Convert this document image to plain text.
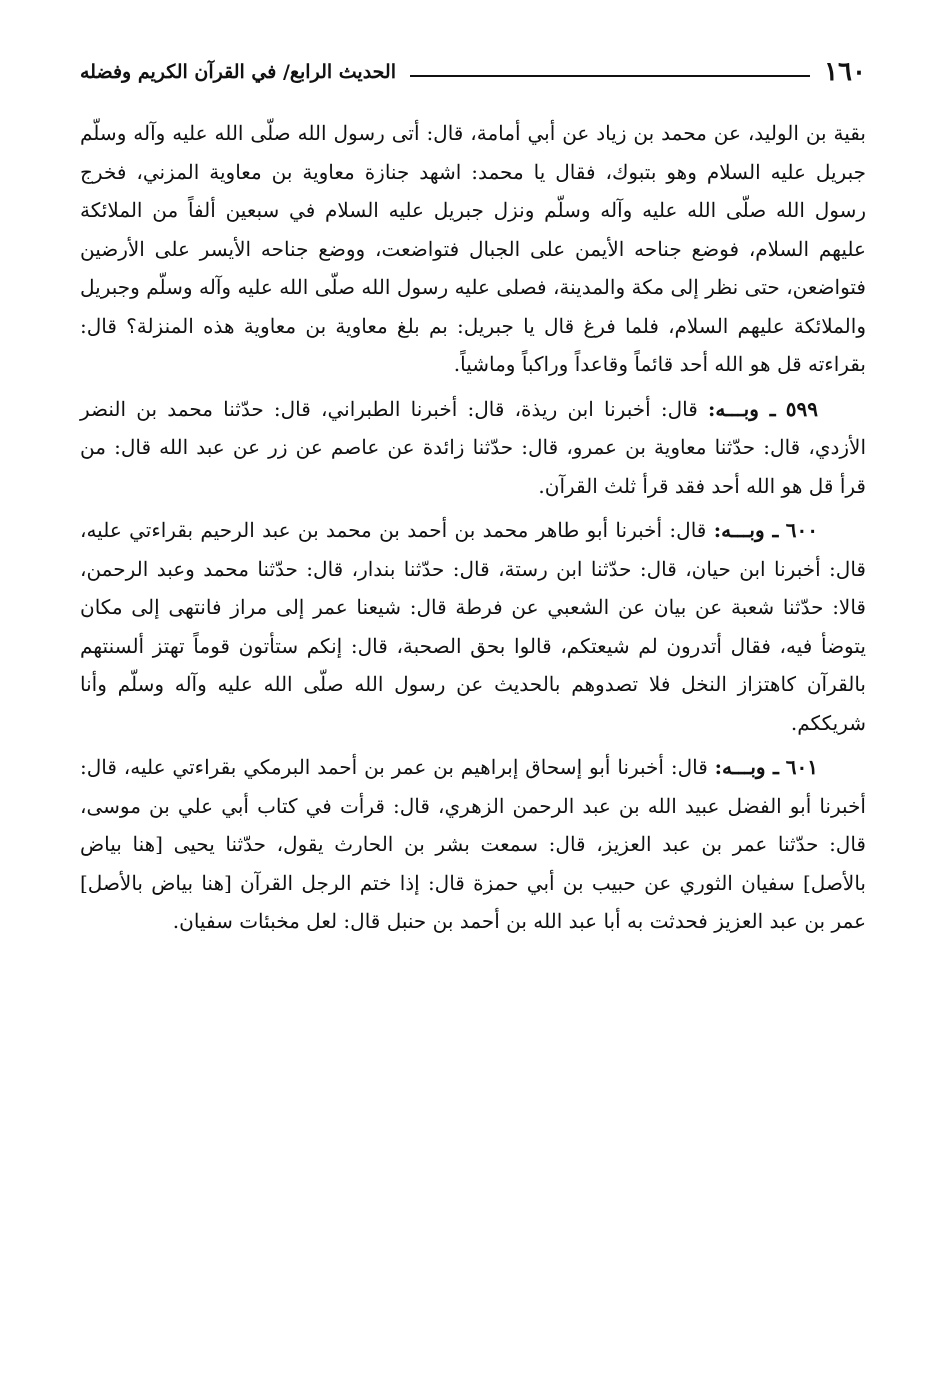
١٦٠
الحديث الرابع/ في القرآن الكريم وفضله

بقية بن الوليد، عن محمد بن زياد عن أبي أمامة، قال: أتى رسول الله صلّى الله عليه وآله وسلّم جبريل عليه السلام وهو بتبوك، فقال يا محمد: اشهد جنازة معاوية بن معاوية المزني، فخرج رسول الله صلّى الله عليه وآله وسلّم ونزل جبريل عليه السلام في سبعين ألفاً من الملائكة عليهم السلام، فوضع جناحه الأيمن على الجبال فتواضعت، ووضع جناحه الأيسر على الأرضين فتواضعن، حتى نظر إلى مكة والمدينة، فصلى عليه رسول الله صلّى الله عليه وآله وسلّم وجبريل والملائكة عليهم السلام، فلما فرغ قال يا جبريل: بم بلغ معاوية بن معاوية هذه المنزلة؟ قال: بقراءته قل هو الله أحد قائماً وقاعداً وراكباً وماشياً.

٥٩٩ ـ وبـــه: قال: أخبرنا ابن ريذة، قال: أخبرنا الطبراني، قال: حدّثنا محمد بن النضر الأزدي، قال: حدّثنا معاوية بن عمرو، قال: حدّثنا زائدة عن عاصم عن زر عن عبد الله قال: من قرأ قل هو الله أحد فقد قرأ ثلث القرآن.

٦٠٠ ـ وبـــه: قال: أخبرنا أبو طاهر محمد بن أحمد بن محمد بن عبد الرحيم بقراءتي عليه، قال: أخبرنا ابن حيان، قال: حدّثنا ابن رستة، قال: حدّثنا بندار، قال: حدّثنا محمد وعبد الرحمن، قالا: حدّثنا شعبة عن بيان عن الشعبي عن فرطة قال: شيعنا عمر إلى مراز فانتهى إلى مكان يتوضأ فيه، فقال أتدرون لم شيعتكم، قالوا بحق الصحبة، قال: إنكم ستأتون قوماً تهتز ألسنتهم بالقرآن كاهتزاز النخل فلا تصدوهم بالحديث عن رسول الله صلّى الله عليه وآله وسلّم وأنا شريككم.

٦٠١ ـ وبـــه: قال: أخبرنا أبو إسحاق إبراهيم بن عمر بن أحمد البرمكي بقراءتي عليه، قال: أخبرنا أبو الفضل عبيد الله بن عبد الرحمن الزهري، قال: قرأت في كتاب أبي علي بن موسى، قال: حدّثنا عمر بن عبد العزيز، قال: سمعت بشر بن الحارث يقول، حدّثنا يحيى [هنا بياض بالأصل] سفيان الثوري عن حبيب بن أبي حمزة قال: إذا ختم الرجل القرآن [هنا بياض بالأصل] عمر بن عبد العزيز فحدثت به أبا عبد الله بن أحمد بن حنبل قال: لعل مخبئات سفيان.
